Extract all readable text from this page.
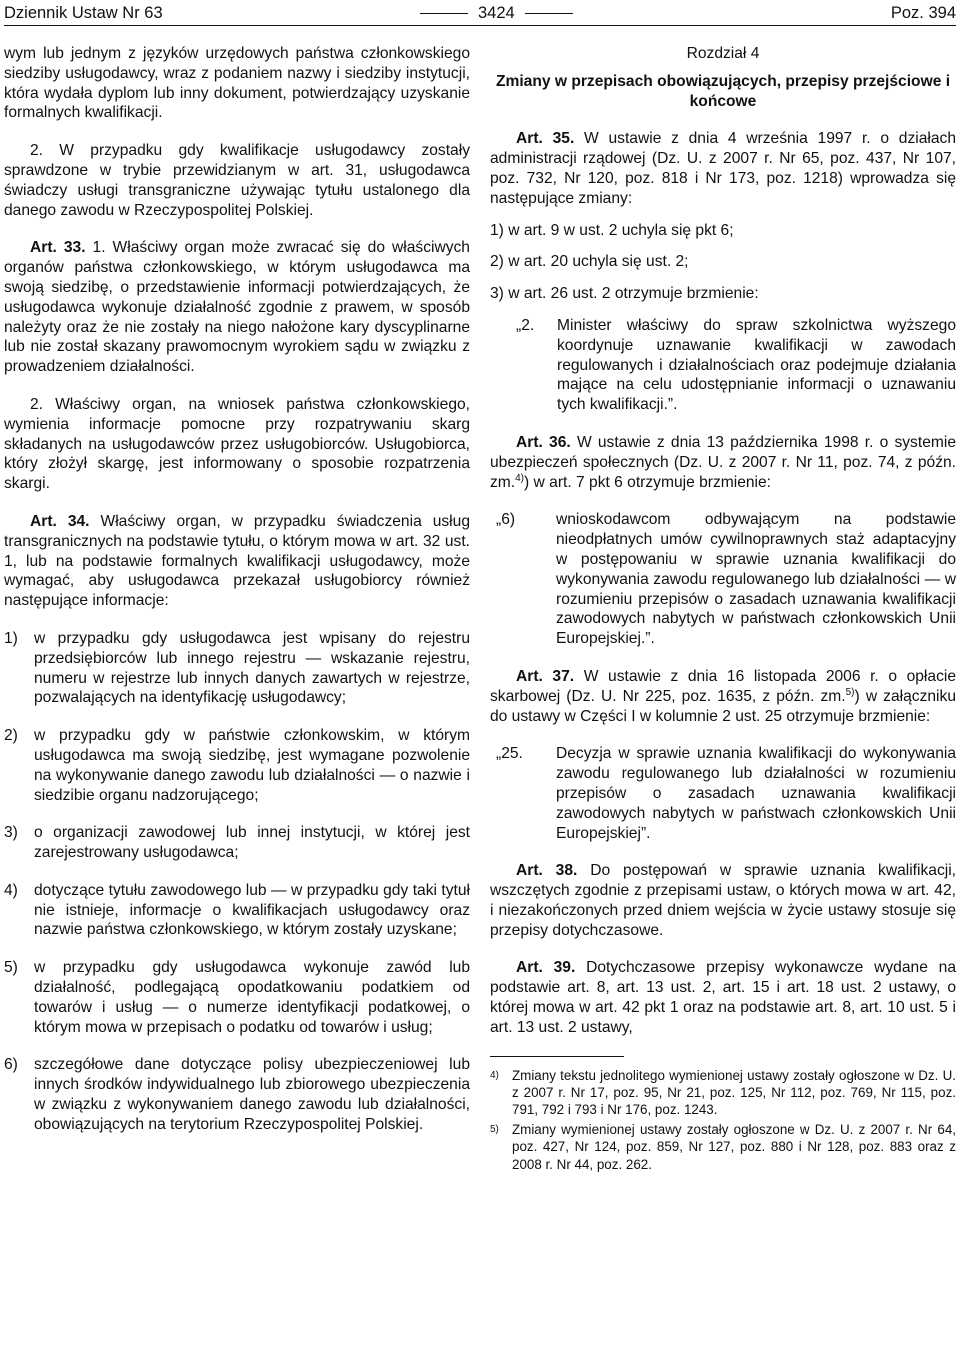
Dziennik Ustaw Nr 63	3424	Poz. 394

wym lub jednym z języków urzędowych państwa członkowskiego siedziby usługodawcy, wraz z podaniem nazwy i siedziby instytucji, która wydała dyplom lub inny dokument, potwierdzający uzyskanie formalnych kwalifikacji.

2. W przypadku gdy kwalifikacje usługodawcy zostały sprawdzone w trybie przewidzianym w art. 31, usługodawca świadczy usługi transgraniczne używając tytułu ustalonego dla danego zawodu w Rzeczypospolitej Polskiej.

Art. 33. 1. Właściwy organ może zwracać się do właściwych organów państwa członkowskiego, w którym usługodawca ma swoją siedzibę, o przedstawienie informacji potwierdzających, że usługodawca wykonuje działalność zgodnie z prawem, w sposób należyty oraz że nie zostały na niego nałożone kary dyscyplinarne lub nie został skazany prawomocnym wyrokiem sądu w związku z prowadzeniem działalności.

2. Właściwy organ, na wniosek państwa członkowskiego, wymienia informacje pomocne przy rozpatrywaniu skarg składanych na usługodawców przez usługobiorców. Usługobiorca, który złożył skargę, jest informowany o sposobie rozpatrzenia skargi.

Art. 34. Właściwy organ, w przypadku świadczenia usług transgranicznych na podstawie tytułu, o którym mowa w art. 32 ust. 1, lub na podstawie formalnych kwalifikacji usługodawcy, może wymagać, aby usługodawca przekazał usługobiorcy również następujące informacje:

1) w przypadku gdy usługodawca jest wpisany do rejestru przedsiębiorców lub innego rejestru — wskazanie rejestru, numeru w rejestrze lub innych danych zawartych w rejestrze, pozwalających na identyfikację usługodawcy;
2) w przypadku gdy w państwie członkowskim, w którym usługodawca ma swoją siedzibę, jest wymagane pozwolenie na wykonywanie danego zawodu lub działalności — o nazwie i siedzibie organu nadzorującego;
3) o organizacji zawodowej lub innej instytucji, w której jest zarejestrowany usługodawca;
4) dotyczące tytułu zawodowego lub — w przypadku gdy taki tytuł nie istnieje, informacje o kwalifikacjach usługodawcy oraz nazwie państwa członkowskiego, w którym zostały uzyskane;
5) w przypadku gdy usługodawca wykonuje zawód lub działalność, podlegającą opodatkowaniu podatkiem od towarów i usług — o numerze identyfikacji podatkowej, o którym mowa w przepisach o podatku od towarów i usług;
6) szczegółowe dane dotyczące polisy ubezpieczeniowej lub innych środków indywidualnego lub zbiorowego ubezpieczenia w związku z wykonywaniem danego zawodu lub działalności, obowiązujących na terytorium Rzeczypospolitej Polskiej.
Rozdział 4
Zmiany w przepisach obowiązujących, przepisy przejściowe i końcowe

Art. 35. W ustawie z dnia 4 września 1997 r. o działach administracji rządowej (Dz. U. z 2007 r. Nr 65, poz. 437, Nr 107, poz. 732, Nr 120, poz. 818 i Nr 173, poz. 1218) wprowadza się następujące zmiany:

1) w art. 9 w ust. 2 uchyla się pkt 6;
2) w art. 20 uchyla się ust. 2;
3) w art. 26 ust. 2 otrzymuje brzmienie:
„2. Minister właściwy do spraw szkolnictwa wyższego koordynuje uznawanie kwalifikacji w zawodach regulowanych i działalnościach oraz podejmuje działania mające na celu udostępnianie informacji o uznawaniu tych kwalifikacji.”.

Art. 36. W ustawie z dnia 13 października 1998 r. o systemie ubezpieczeń społecznych (Dz. U. z 2007 r. Nr 11, poz. 74, z późn. zm.$^{4)}$) w art. 7 pkt 6 otrzymuje brzmienie:

„6)	wnioskodawcom odbywającym na podstawie nieodpłatnych umów cywilnoprawnych staż adaptacyjny w postępowaniu w sprawie uznania kwalifikacji do wykonywania zawodu regulowanego lub działalności — w rozumieniu przepisów o zasadach uznawania kwalifikacji zawodowych nabytych w państwach członkowskich Unii Europejskiej.”.

Art. 37. W ustawie z dnia 16 listopada 2006 r. o opłacie skarbowej (Dz. U. Nr 225, poz. 1635, z późn. zm.$^{5)}$) w załączniku do ustawy w Części I w kolumnie 2 ust. 25 otrzymuje brzmienie:

„25. Decyzja w sprawie uznania kwalifikacji do wykonywania zawodu regulowanego lub działalności w rozumieniu przepisów o zasadach uznawania kwalifikacji zawodowych nabytych w państwach członkowskich Unii Europejskiej”.

Art. 38. Do postępowań w sprawie uznania kwalifikacji, wszczętych zgodnie z przepisami ustaw, o których mowa w art. 42, i niezakończonych przed dniem wejścia w życie ustawy stosuje się przepisy dotychczasowe.

Art. 39. Dotychczasowe przepisy wykonawcze wydane na podstawie art. 8, art. 13 ust. 2, art. 15 i art. 18 ust. 2 ustawy, o której mowa w art. 42 pkt 1 oraz na podstawie art. 8, art. 10 ust. 5 i art. 13 ust. 2 ustawy,

4) Zmiany tekstu jednolitego wymienionej ustawy zostały ogłoszone w Dz. U. z 2007 r. Nr 17, poz. 95, Nr 21, poz. 125, Nr 112, poz. 769, Nr 115, poz. 791, 792 i 793 i Nr 176, poz. 1243.
5) Zmiany wymienionej ustawy zostały ogłoszone w Dz. U. z 2007 r. Nr 64, poz. 427, Nr 124, poz. 859, Nr 127, poz. 880 i Nr 128, poz. 883 oraz z 2008 r. Nr 44, poz. 262.
